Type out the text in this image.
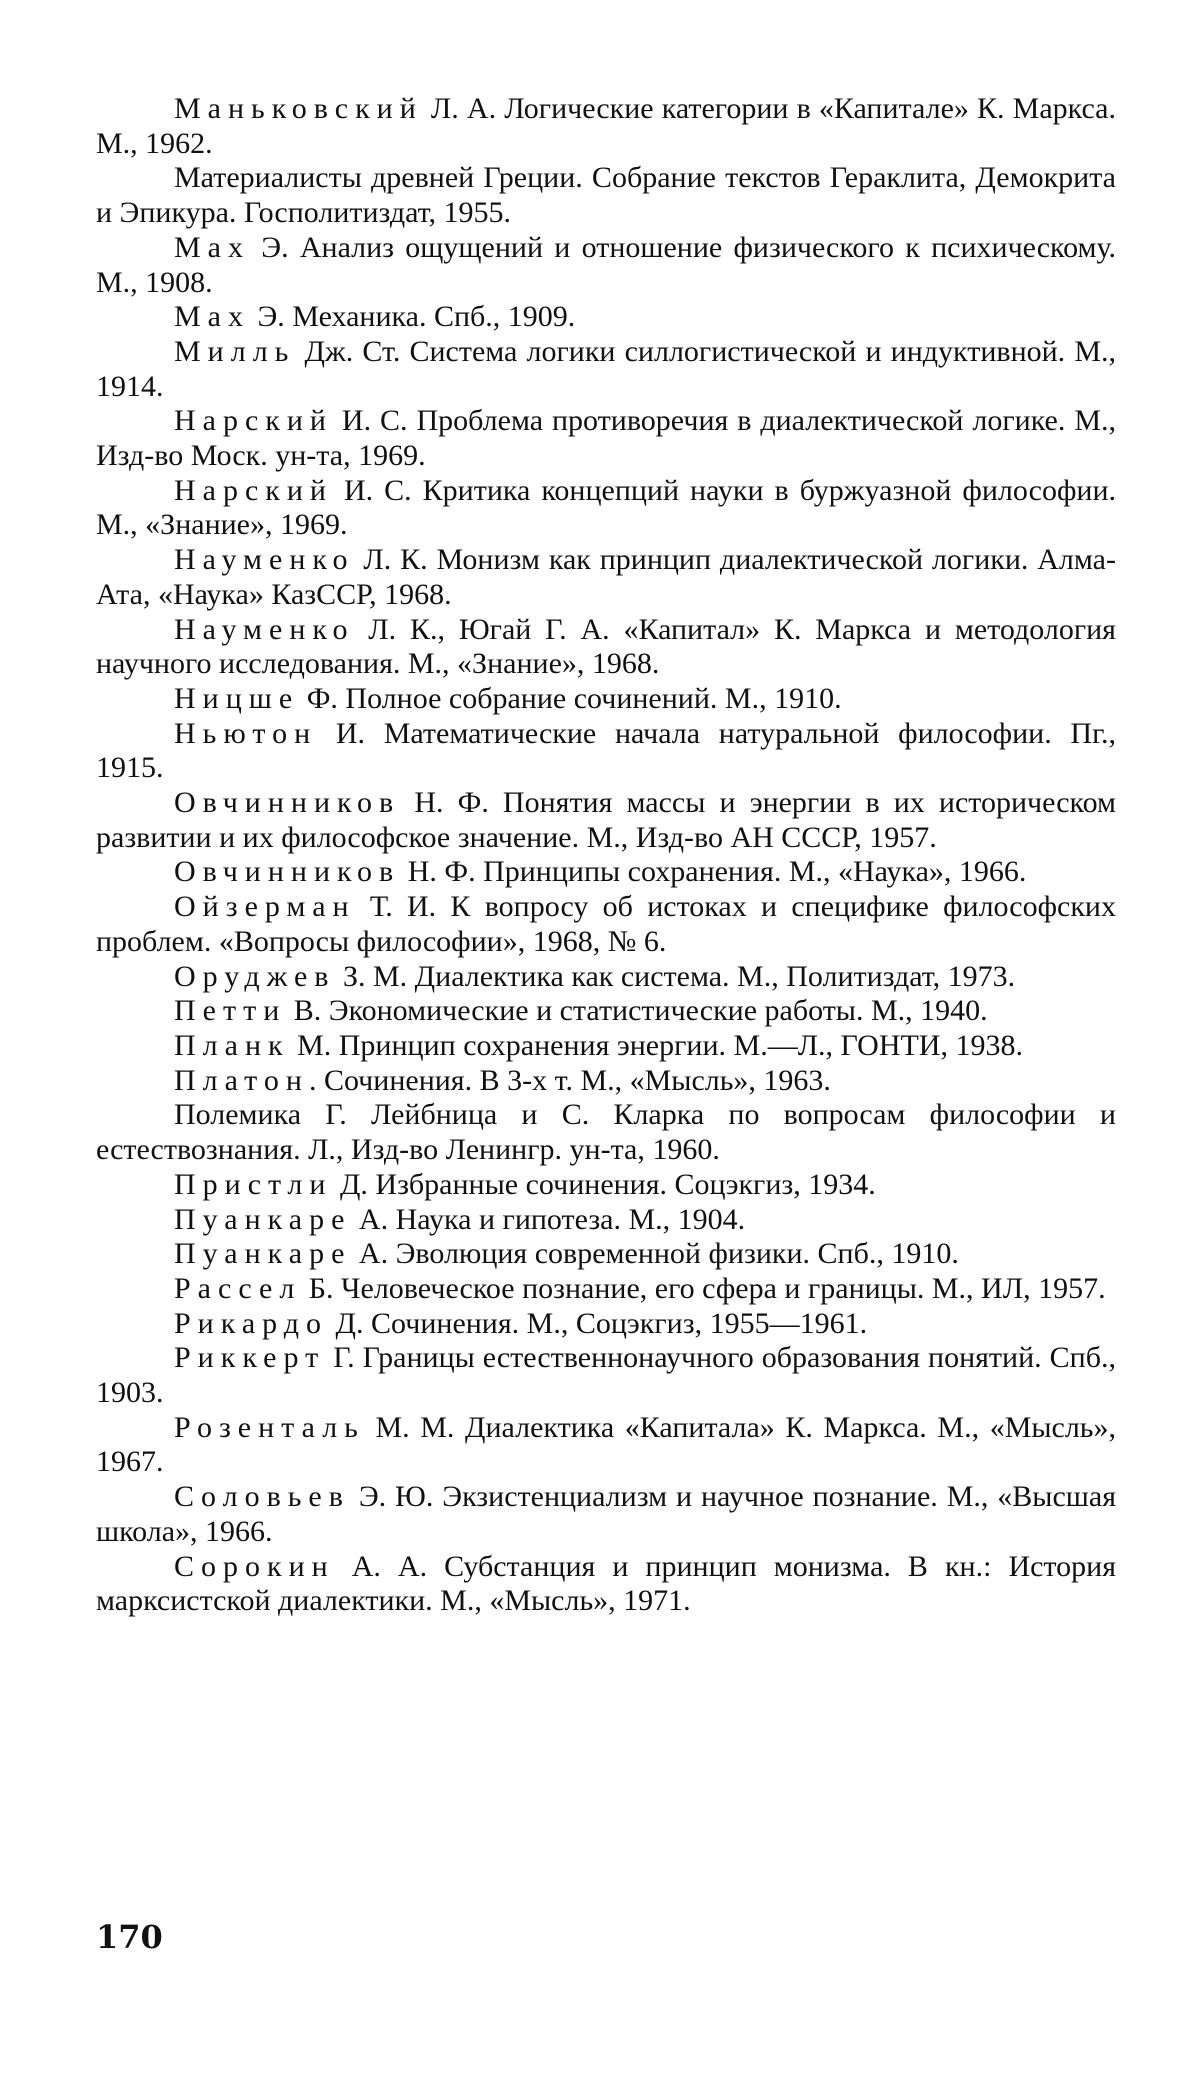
Маньковский Л. А. Логические категории в «Капитале» К. Маркса. М., 1962.

Материалисты древней Греции. Собрание текстов Гераклита, Демокрита и Эпикура. Госполитиздат, 1955.

Мах Э. Анализ ощущений и отношение физического к психическому. М., 1908.

Мах Э. Механика. Спб., 1909.

Милль Дж. Ст. Система логики силлогистической и индуктивной. М., 1914.

Нарский И. С. Проблема противоречия в диалектической логике. М., Изд-во Моск. ун-та, 1969.

Нарский И. С. Критика концепций науки в буржуазной философии. М., «Знание», 1969.

Науменко Л. К. Монизм как принцип диалектической логики. Алма-Ата, «Наука» КазССР, 1968.

Науменко Л. К., Югай Г. А. «Капитал» К. Маркса и методология научного исследования. М., «Знание», 1968.

Ницше Ф. Полное собрание сочинений. М., 1910.

Ньютон И. Математические начала натуральной философии. Пг., 1915.

Овчинников Н. Ф. Понятия массы и энергии в их историческом развитии и их философское значение. М., Изд-во АН СССР, 1957.

Овчинников Н. Ф. Принципы сохранения. М., «Наука», 1966.

Ойзерман Т. И. К вопросу об истоках и специфике философских проблем. «Вопросы философии», 1968, № 6.

Оруджев З. М. Диалектика как система. М., Политиздат, 1973.

Петти В. Экономические и статистические работы. М., 1940.

Планк М. Принцип сохранения энергии. М.—Л., ГОНТИ, 1938.

Платон. Сочинения. В 3-х т. М., «Мысль», 1963.

Полемика Г. Лейбница и С. Кларка по вопросам философии и естествознания. Л., Изд-во Ленингр. ун-та, 1960.

Пристли Д. Избранные сочинения. Соцэкгиз, 1934.

Пуанкаре А. Наука и гипотеза. М., 1904.

Пуанкаре А. Эволюция современной физики. Спб., 1910.

Рассел Б. Человеческое познание, его сфера и границы. М., ИЛ, 1957.

Рикардо Д. Сочинения. М., Соцэкгиз, 1955—1961.

Риккерт Г. Границы естественнонаучного образования понятий. Спб., 1903.

Розенталь М. М. Диалектика «Капитала» К. Маркса. М., «Мысль», 1967.

Соловьев Э. Ю. Экзистенциализм и научное познание. М., «Высшая школа», 1966.

Сорокин А. А. Субстанция и принцип монизма. В кн.: История марксистской диалектики. М., «Мысль», 1971.

170
